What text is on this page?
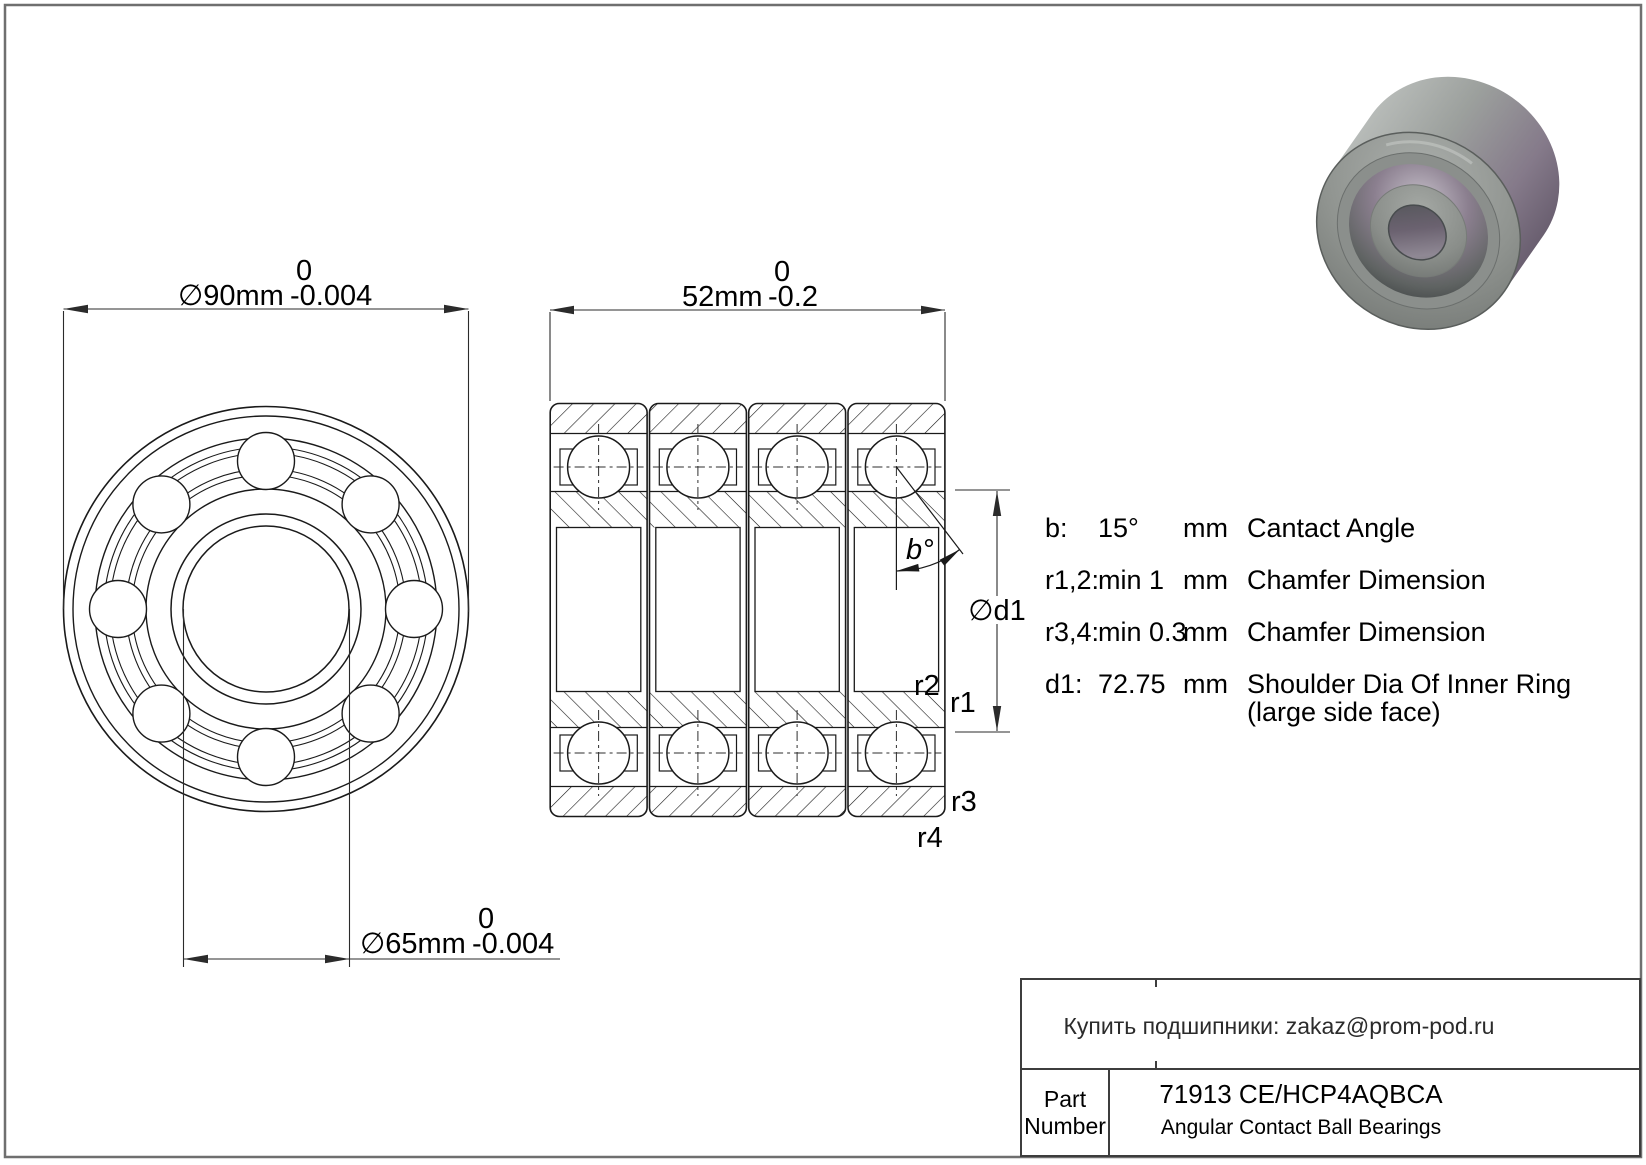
∅90mm -0.004 0
∅65mm -0.004 0
52mm -0.2 0
b°
∅d1
r2
r1
r3
r4
b: 15° mm Cantact Angle
r1,2:
min 1 mm Chamfer Dimension
r3,4:
min 0.3
mm Chamfer Dimension
d1: 72.75 mm Shoulder Dia Of Inner Ring
(large side face)
Купить подшипники: zakaz@prom-pod.ru
Part
Number
71913 CE/HCP4AQBCA
Angular Contact Ball Bearings
